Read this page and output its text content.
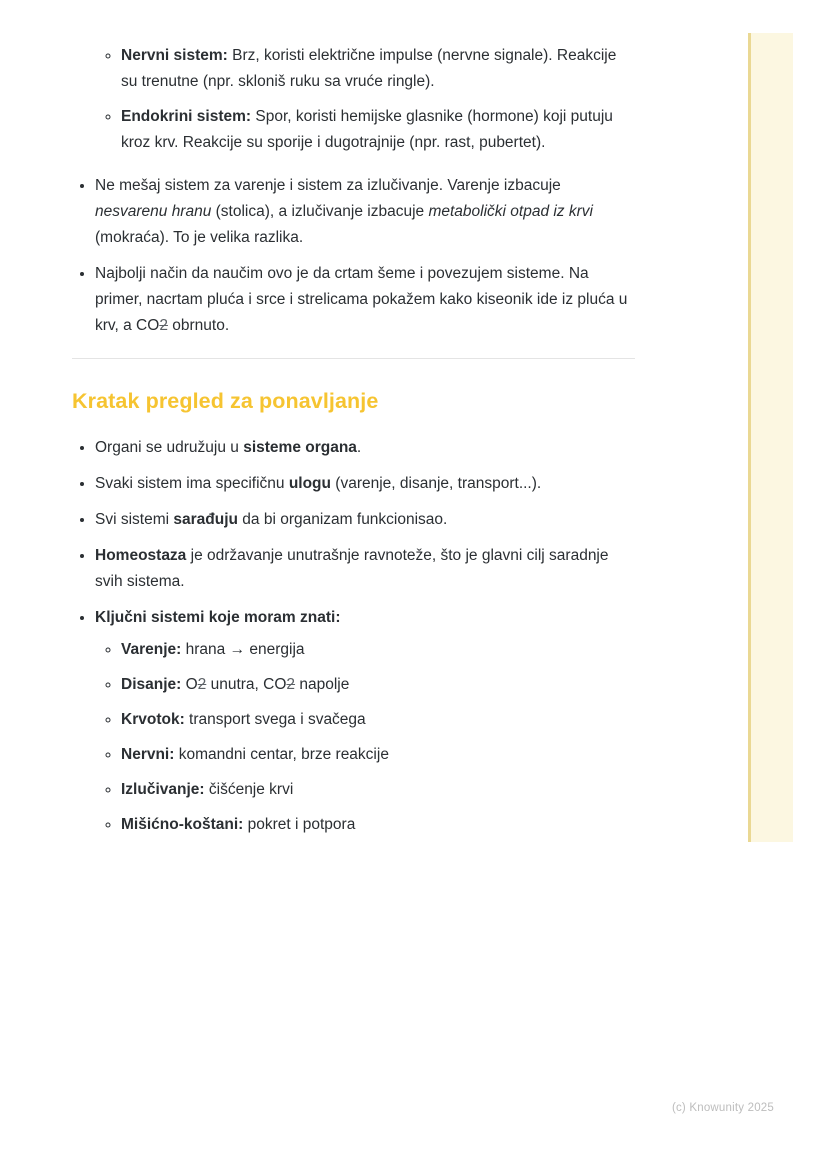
◦ Nervni sistem: Brz, koristi električne impulse (nervne signale). Reakcije su trenutne (npr. skloniš ruku sa vruće ringle).
◦ Endokrini sistem: Spor, koristi hemijske glasnike (hormone) koji putuju kroz krv. Reakcije su sporije i dugotrajnije (npr. rast, pubertet).
• Ne mešaj sistem za varenje i sistem za izlučivanje. Varenje izbacuje nesvarenu hranu (stolica), a izlučivanje izbacuje metabolički otpad iz krvi (mokraća). To je velika razlika.
• Najbolji način da naučim ovo je da crtam šeme i povezujem sisteme. Na primer, nacrtam pluća i srce i strelicama pokažem kako kiseonik ide iz pluća u krv, a CO2 obrnuto.
Kratak pregled za ponavljanje
• Organi se udružuju u sisteme organa.
• Svaki sistem ima specifičnu ulogu (varenje, disanje, transport...).
• Svi sistemi sarađuju da bi organizam funkcionisao.
• Homeostaza je održavanje unutrašnje ravnoteže, što je glavni cilj saradnje svih sistema.
• Ključni sistemi koje moram znati:
◦ Varenje: hrana → energija
◦ Disanje: O2 unutra, CO2 napolje
◦ Krvotok: transport svega i svačega
◦ Nervni: komandni centar, brze reakcije
◦ Izlučivanje: čišćenje krvi
◦ Mišićno-koštani: pokret i potpora
(c) Knowunity 2025
